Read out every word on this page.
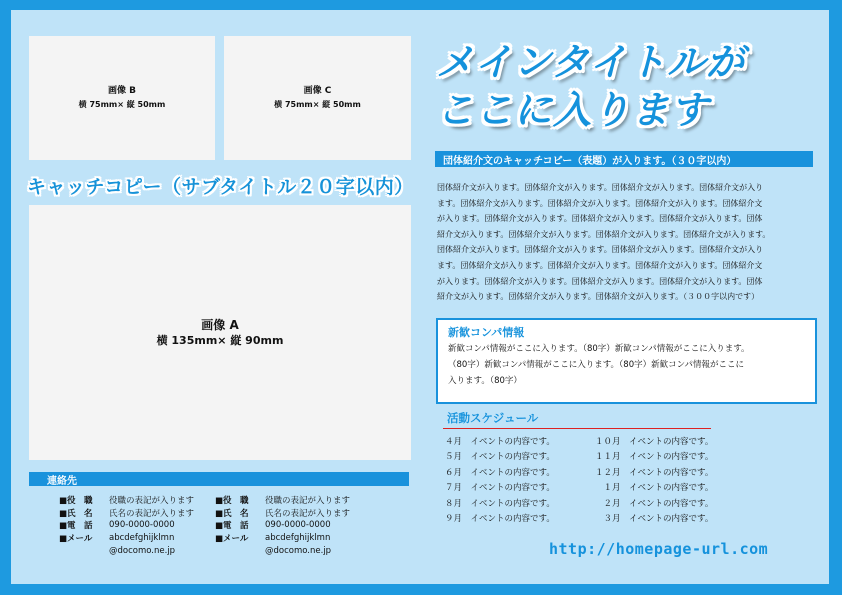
画像 B
横 75mm× 縦 50mm
画像 C
横 75mm× 縦 50mm
キャッチコピー（サブタイトル２０字以内）
画像 A
横 135mm× 縦 90mm
メインタイトルが
ここに入ります
団体紹介文のキャッチコピー（表題）が入ります。（３０字以内）
団体紹介文が入ります。団体紹介文が入ります。団体紹介文が入ります。団体紹介文が入り
ます。団体紹介文が入ります。団体紹介文が入ります。団体紹介文が入ります。団体紹介文
が入ります。団体紹介文が入ります。団体紹介文が入ります。団体紹介文が入ります。団体
紹介文が入ります。団体紹介文が入ります。団体紹介文が入ります。団体紹介文が入ります。
団体紹介文が入ります。団体紹介文が入ります。団体紹介文が入ります。団体紹介文が入り
ます。団体紹介文が入ります。団体紹介文が入ります。団体紹介文が入ります。団体紹介文
が入ります。団体紹介文が入ります。団体紹介文が入ります。団体紹介文が入ります。団体
紹介文が入ります。団体紹介文が入ります。団体紹介文が入ります。（３００字以内です）
新歓コンパ情報
新歓コンパ情報がここに入ります。（80字）新歓コンパ情報がここに入ります。
（80字）新歓コンパ情報がここに入ります。（80字）新歓コンパ情報がここに
入ります。（80字）
活動スケジュール
４月　イベントの内容です。	１０月　イベントの内容です。
５月　イベントの内容です。	１１月　イベントの内容です。
６月　イベントの内容です。	１２月　イベントの内容です。
７月　イベントの内容です。	　１月　イベントの内容です。
８月　イベントの内容です。	　２月　イベントの内容です。
９月　イベントの内容です。	　３月　イベントの内容です。
http://homepage-url.com
連絡先
■役　職	役職の表記が入ります
■氏　名	氏名の表記が入ります
■電　話	090-0000-0000
■メール	abcdefghijklmn
@docomo.ne.jp
■役　職	役職の表記が入ります
■氏　名	氏名の表記が入ります
■電　話	090-0000-0000
■メール	abcdefghijklmn
@docomo.ne.jp
